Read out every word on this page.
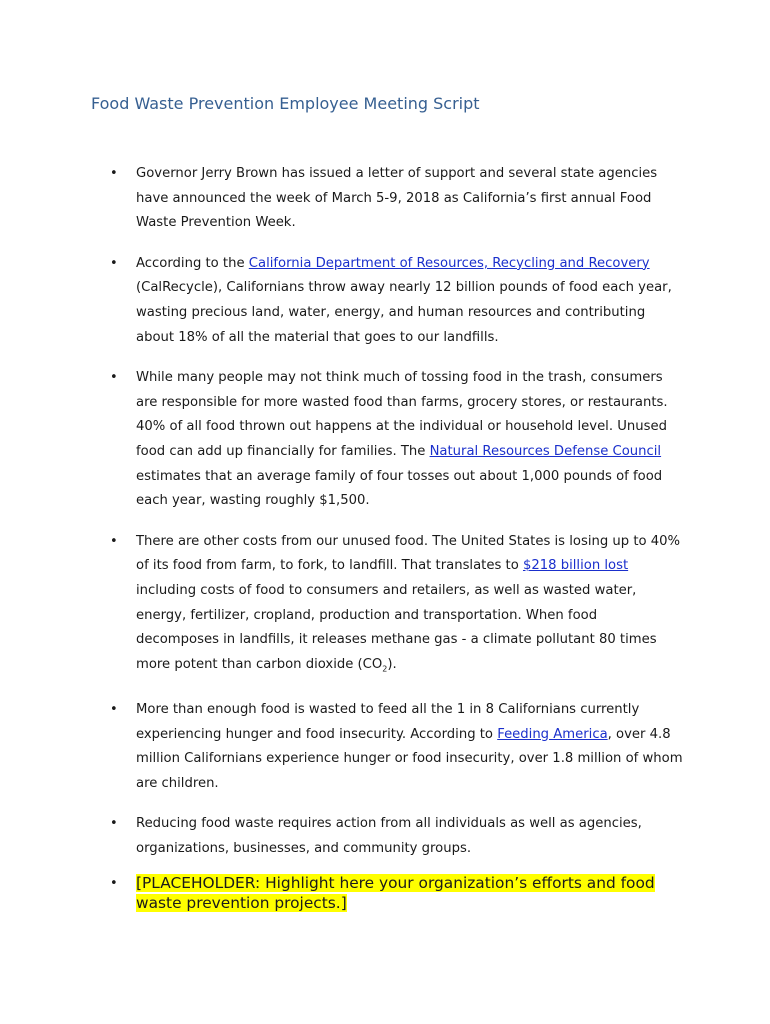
Food Waste Prevention Employee Meeting Script
• Governor Jerry Brown has issued a letter of support and several state agencies have announced the week of March 5-9, 2018 as California’s first annual Food Waste Prevention Week.
• According to the California Department of Resources, Recycling and Recovery (CalRecycle), Californians throw away nearly 12 billion pounds of food each year, wasting precious land, water, energy, and human resources and contributing about 18% of all the material that goes to our landfills.
• While many people may not think much of tossing food in the trash, consumers are responsible for more wasted food than farms, grocery stores, or restaurants. 40% of all food thrown out happens at the individual or household level. Unused food can add up financially for families. The Natural Resources Defense Council estimates that an average family of four tosses out about 1,000 pounds of food each year, wasting roughly $1,500.
• There are other costs from our unused food. The United States is losing up to 40% of its food from farm, to fork, to landfill. That translates to $218 billion lost including costs of food to consumers and retailers, as well as wasted water, energy, fertilizer, cropland, production and transportation. When food decomposes in landfills, it releases methane gas - a climate pollutant 80 times more potent than carbon dioxide $(CO_2)$.
• More than enough food is wasted to feed all the 1 in 8 Californians currently experiencing hunger and food insecurity. According to Feeding America, over 4.8 million Californians experience hunger or food insecurity, over 1.8 million of whom are children.
• Reducing food waste requires action from all individuals as well as agencies, organizations, businesses, and community groups.
• [PLACEHOLDER: Highlight here your organization’s efforts and food waste prevention projects.]
